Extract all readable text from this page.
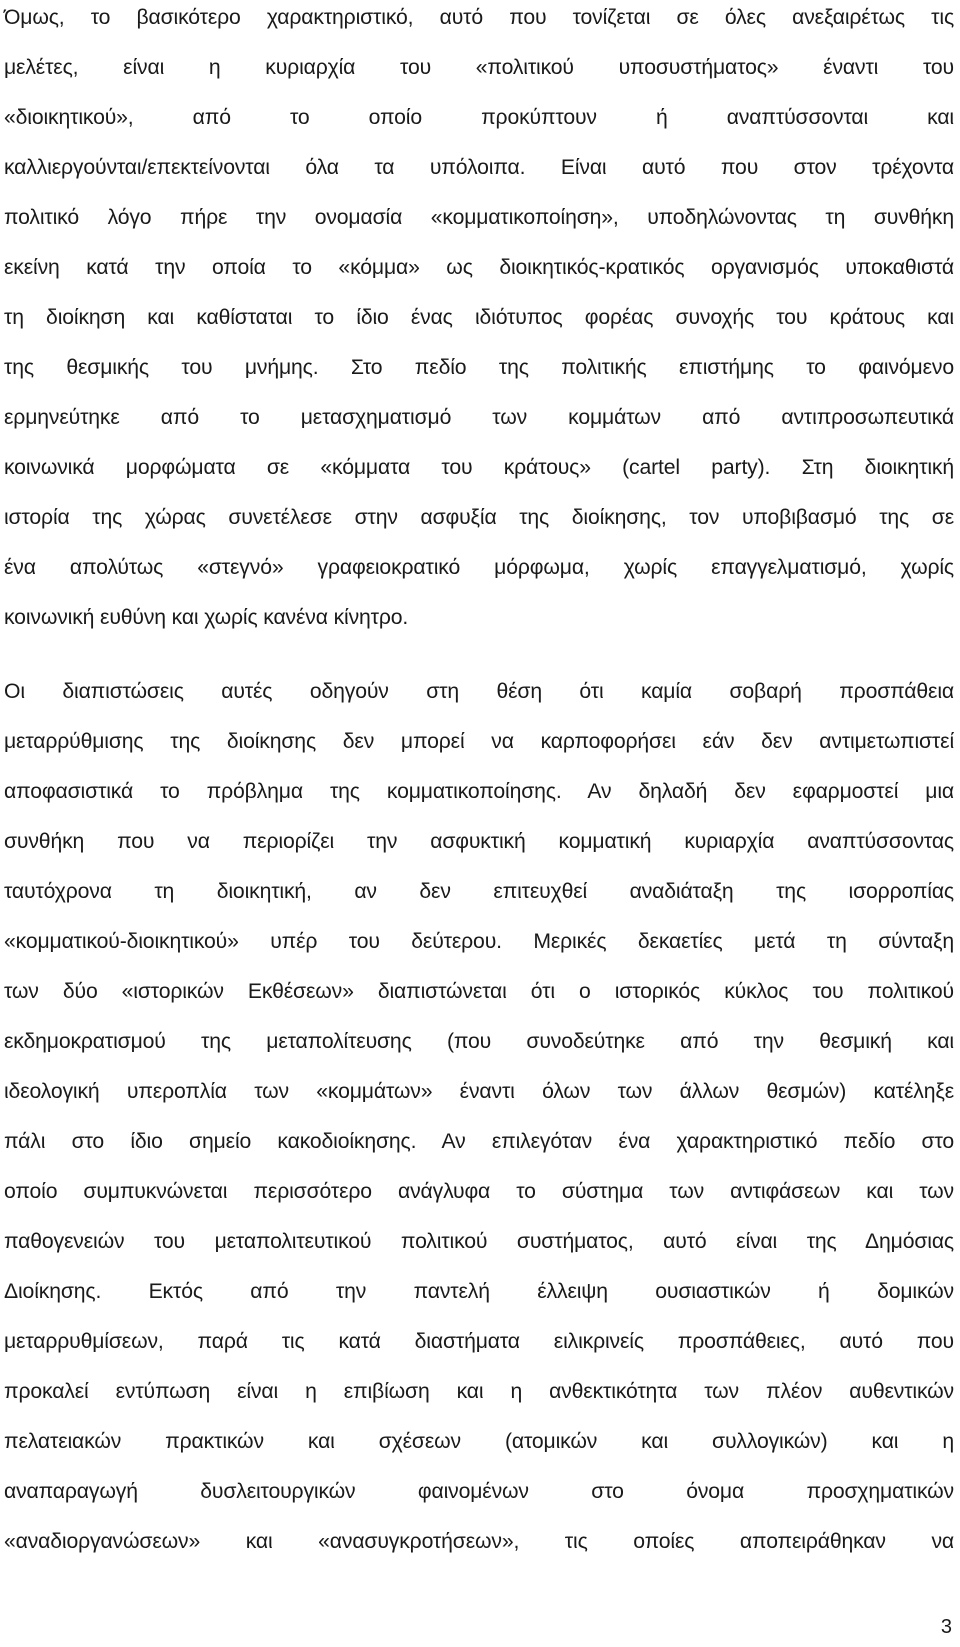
Όμως, το βασικότερο χαρακτηριστικό, αυτό που τονίζεται σε όλες ανεξαιρέτως τις
μελέτες, είναι η κυριαρχία του «πολιτικού υποσυστήματος» έναντι του
«διοικητικού», από το οποίο προκύπτουν ή αναπτύσσονται και
καλλιεργούνται/επεκτείνονται όλα τα υπόλοιπα. Είναι αυτό που στον τρέχοντα
πολιτικό λόγο πήρε την ονομασία «κομματικοποίηση», υποδηλώνοντας τη συνθήκη
εκείνη κατά την οποία το «κόμμα» ως διοικητικός-κρατικός οργανισμός υποκαθιστά
τη διοίκηση και καθίσταται το ίδιο ένας ιδιότυπος φορέας συνοχής του κράτους και
της θεσμικής του μνήμης. Στο πεδίο της πολιτικής επιστήμης το φαινόμενο
ερμηνεύτηκε από το μετασχηματισμό των κομμάτων από αντιπροσωπευτικά
κοινωνικά μορφώματα σε «κόμματα του κράτους» (cartel party). Στη διοικητική
ιστορία της χώρας συνετέλεσε στην ασφυξία της διοίκησης, τον υποβιβασμό της σε
ένα απολύτως «στεγνό» γραφειοκρατικό μόρφωμα, χωρίς επαγγελματισμό, χωρίς
κοινωνική ευθύνη και χωρίς κανένα κίνητρο.
Οι διαπιστώσεις αυτές οδηγούν στη θέση ότι καμία σοβαρή προσπάθεια
μεταρρύθμισης της διοίκησης δεν μπορεί να καρποφορήσει εάν δεν αντιμετωπιστεί
αποφασιστικά το πρόβλημα της κομματικοποίησης. Αν δηλαδή δεν εφαρμοστεί μια
συνθήκη που να περιορίζει την ασφυκτική κομματική κυριαρχία αναπτύσσοντας
ταυτόχρονα τη διοικητική, αν δεν επιτευχθεί αναδιάταξη της ισορροπίας
«κομματικού-διοικητικού» υπέρ του δεύτερου. Μερικές δεκαετίες μετά τη σύνταξη
των δύο «ιστορικών Εκθέσεων» διαπιστώνεται ότι ο ιστορικός κύκλος του πολιτικού
εκδημοκρατισμού της μεταπολίτευσης (που συνοδεύτηκε από την θεσμική και
ιδεολογική υπεροπλία των «κομμάτων» έναντι όλων των άλλων θεσμών) κατέληξε
πάλι στο ίδιο σημείο κακοδιοίκησης. Αν επιλεγόταν ένα χαρακτηριστικό πεδίο στο
οποίο συμπυκνώνεται περισσότερο ανάγλυφα το σύστημα των αντιφάσεων και των
παθογενειών του μεταπολιτευτικού πολιτικού συστήματος, αυτό είναι της Δημόσιας
Διοίκησης. Εκτός από την παντελή έλλειψη ουσιαστικών ή δομικών
μεταρρυθμίσεων, παρά τις κατά διαστήματα ειλικρινείς προσπάθειες, αυτό που
προκαλεί εντύπωση είναι η επιβίωση και η ανθεκτικότητα των πλέον αυθεντικών
πελατειακών πρακτικών και σχέσεων (ατομικών και συλλογικών) και η
αναπαραγωγή δυσλειτουργικών φαινομένων στο όνομα προσχηματικών
«αναδιοργανώσεων» και «ανασυγκροτήσεων», τις οποίες αποπειράθηκαν να
3
